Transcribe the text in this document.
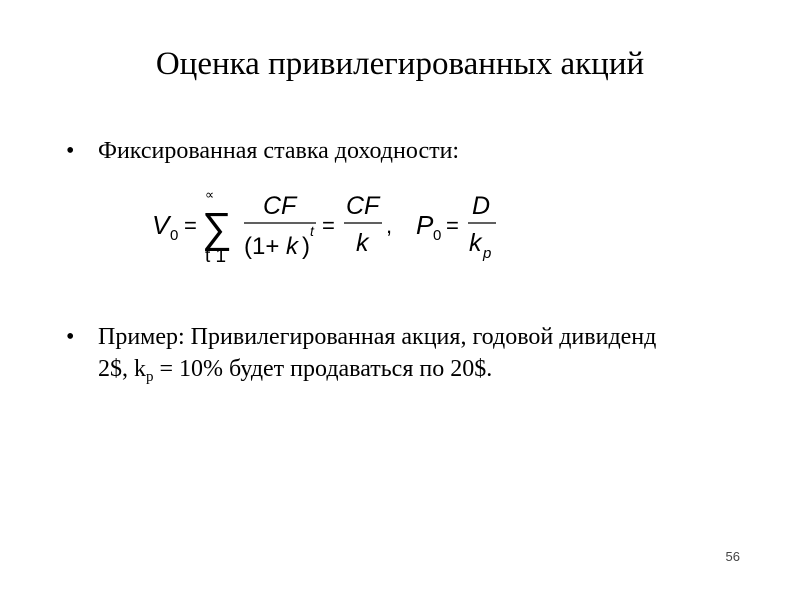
Оценка привилегированных акций
• Фиксированная ставка доходности:
V 0 =
∝
∑
t 1
CF
(1+ k )
t =
CF
k
, P 0 =
D
k p
• Пример: Привилегированная акция, годовой дивиденд
2$, $k_p = 10\%$ будет продаваться по 20$.
56
